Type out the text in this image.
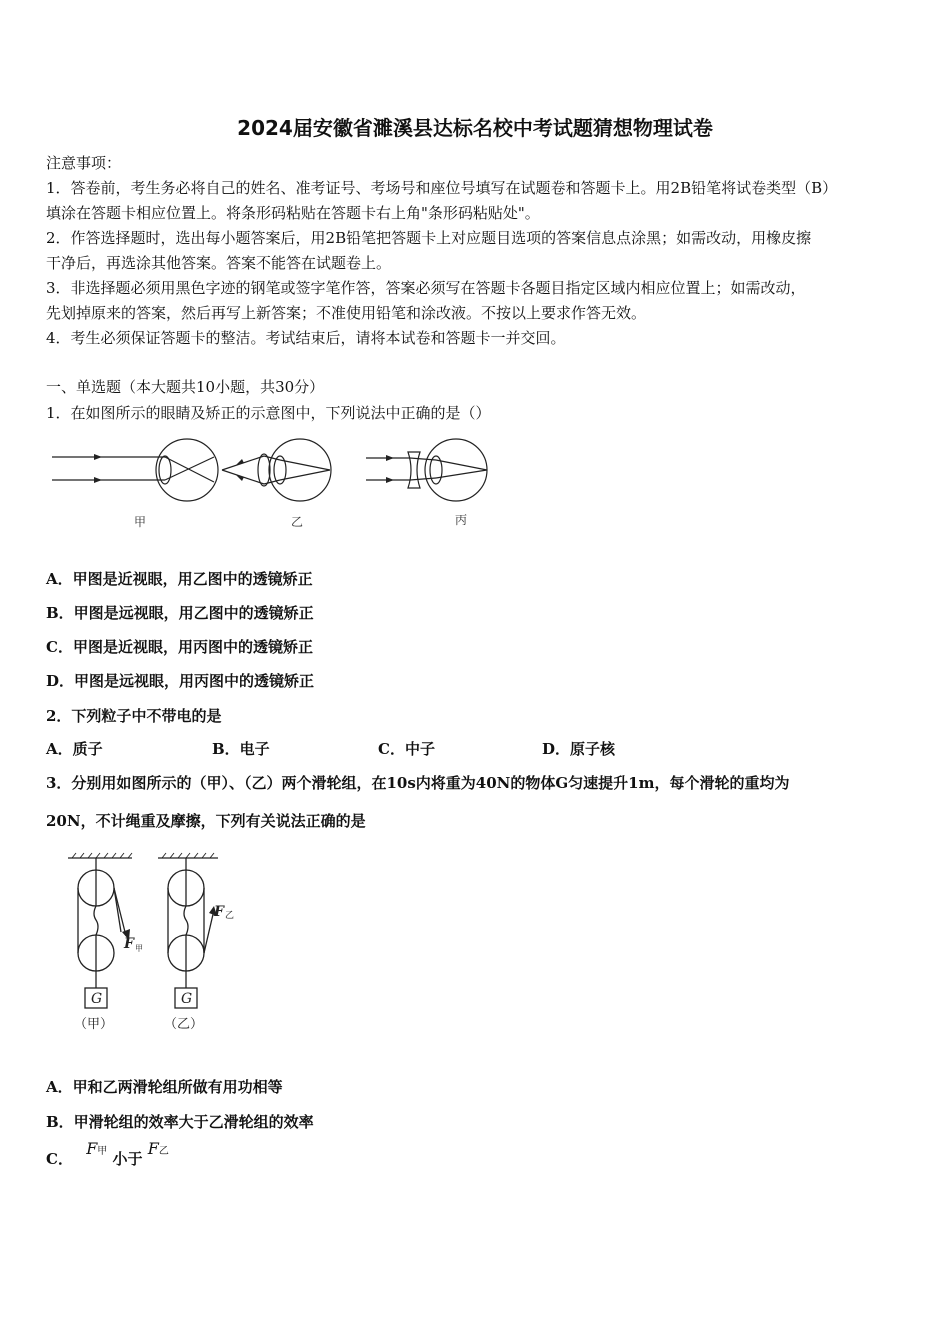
2024届安徽省濉溪县达标名校中考试题猜想物理试卷
注意事项：
1．答卷前，考生务必将自己的姓名、准考证号、考场号和座位号填写在试题卷和答题卡上。用2B铅笔将试卷类型（B）
填涂在答题卡相应位置上。将条形码粘贴在答题卡右上角"条形码粘贴处"。
2．作答选择题时，选出每小题答案后，用2B铅笔把答题卡上对应题目选项的答案信息点涂黑；如需改动，用橡皮擦
干净后，再选涂其他答案。答案不能答在试题卷上。
3．非选择题必须用黑色字迹的钢笔或签字笔作答，答案必须写在答题卡各题目指定区域内相应位置上；如需改动，
先划掉原来的答案，然后再写上新答案；不准使用铅笔和涂改液。不按以上要求作答无效。
4．考生必须保证答题卡的整洁。考试结束后，请将本试卷和答题卡一并交回。
一、单选题（本大题共10小题，共30分）
1．在如图所示的眼睛及矫正的示意图中，下列说法中正确的是（）
甲	乙	丙
A．甲图是近视眼，用乙图中的透镜矫正
B．甲图是远视眼，用乙图中的透镜矫正
C．甲图是近视眼，用丙图中的透镜矫正
D．甲图是远视眼，用丙图中的透镜矫正
2．下列粒子中不带电的是
A．质子	B．电子	C．中子	D．原子核
3．分别用如图所示的（甲）、（乙）两个滑轮组，在10s内将重为40N的物体G匀速提升1m，每个滑轮的重均为
20N，不计绳重及摩擦，下列有关说法正确的是
G	G
F 甲
F 乙
（甲）	（乙）
A．甲和乙两滑轮组所做有用功相等
B．甲滑轮组的效率大于乙滑轮组的效率
C． F甲 小于 F乙
